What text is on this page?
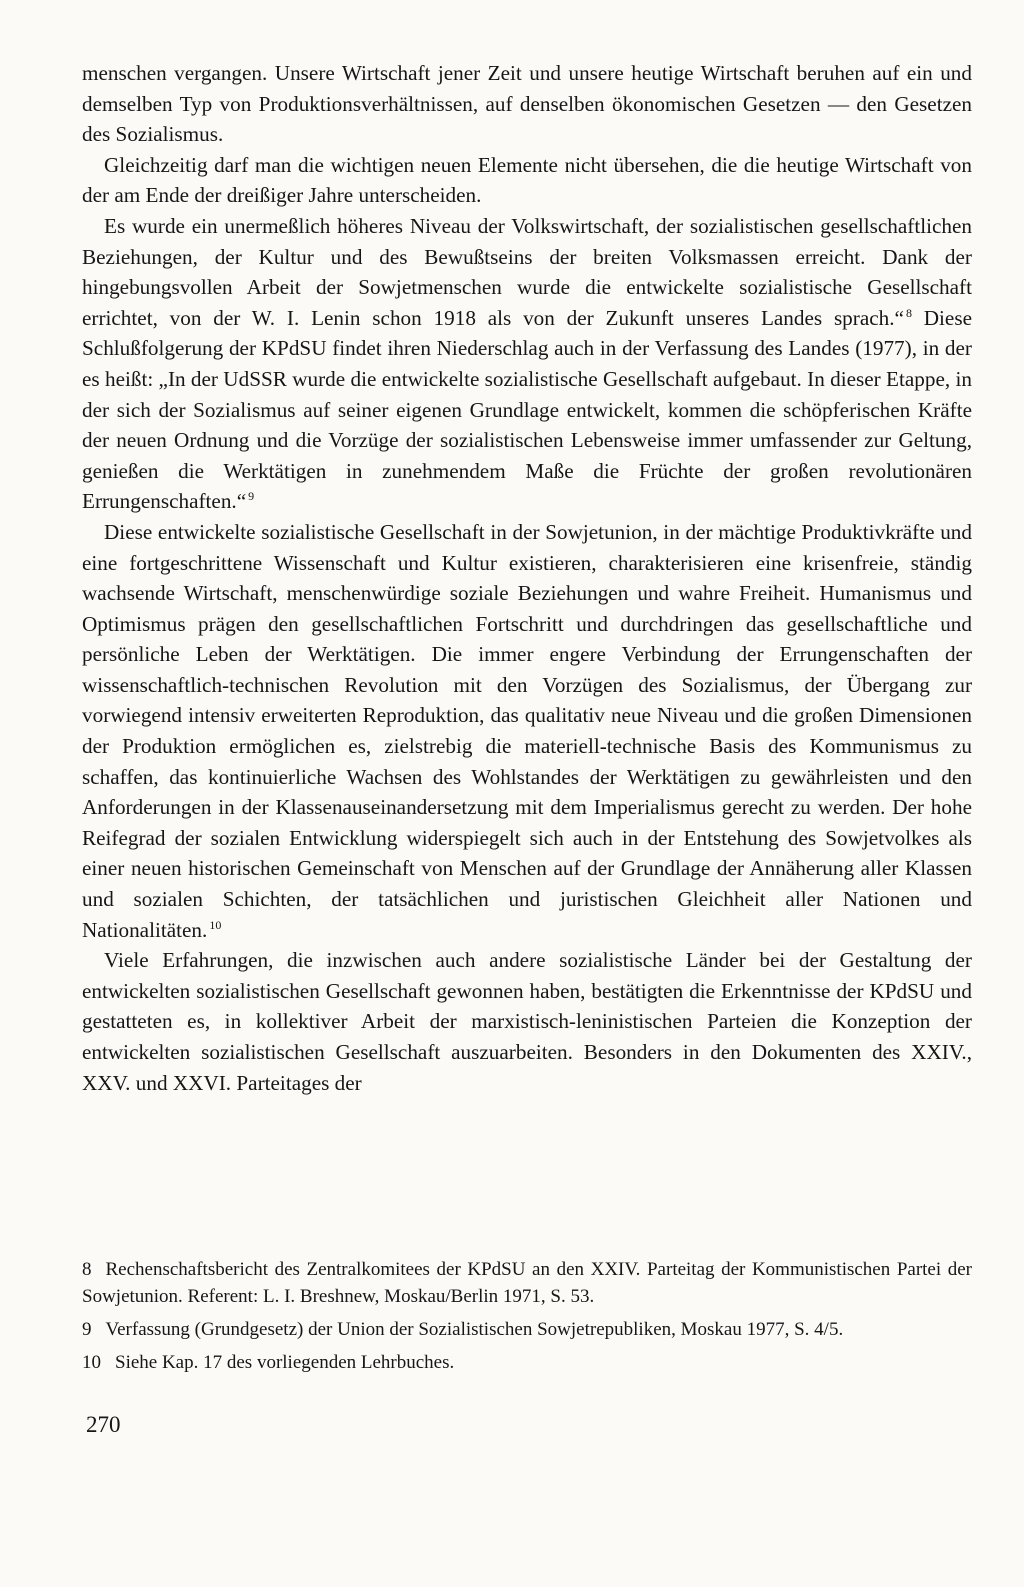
menschen vergangen. Unsere Wirtschaft jener Zeit und unsere heutige Wirtschaft beruhen auf ein und demselben Typ von Produktionsverhältnissen, auf denselben ökonomischen Gesetzen — den Gesetzen des Sozialismus.

Gleichzeitig darf man die wichtigen neuen Elemente nicht übersehen, die die heutige Wirtschaft von der am Ende der dreißiger Jahre unterscheiden.

Es wurde ein unermeßlich höheres Niveau der Volkswirtschaft, der sozialistischen gesellschaftlichen Beziehungen, der Kultur und des Bewußtseins der breiten Volksmassen erreicht. Dank der hingebungsvollen Arbeit der Sowjetmenschen wurde die entwickelte sozialistische Gesellschaft errichtet, von der W. I. Lenin schon 1918 als von der Zukunft unseres Landes sprach.“ $^8$ Diese Schlußfolgerung der KPdSU findet ihren Niederschlag auch in der Verfassung des Landes (1977), in der es heißt: „In der UdSSR wurde die entwickelte sozialistische Gesellschaft aufgebaut. In dieser Etappe, in der sich der Sozialismus auf seiner eigenen Grundlage entwickelt, kommen die schöpferischen Kräfte der neuen Ordnung und die Vorzüge der sozialistischen Lebensweise immer umfassender zur Geltung, genießen die Werktätigen in zunehmendem Maße die Früchte der großen revolutionären Errungenschaften.“ $^9$

Diese entwickelte sozialistische Gesellschaft in der Sowjetunion, in der mächtige Produktivkräfte und eine fortgeschrittene Wissenschaft und Kultur existieren, charakterisieren eine krisenfreie, ständig wachsende Wirtschaft, menschenwürdige soziale Beziehungen und wahre Freiheit. Humanismus und Optimismus prägen den gesellschaftlichen Fortschritt und durchdringen das gesellschaftliche und persönliche Leben der Werktätigen. Die immer engere Verbindung der Errungenschaften der wissenschaftlich-technischen Revolution mit den Vorzügen des Sozialismus, der Übergang zur vorwiegend intensiv erweiterten Reproduktion, das qualitativ neue Niveau und die großen Dimensionen der Produktion ermöglichen es, zielstrebig die materiell-technische Basis des Kommunismus zu schaffen, das kontinuierliche Wachsen des Wohlstandes der Werktätigen zu gewährleisten und den Anforderungen in der Klassenauseinandersetzung mit dem Imperialismus gerecht zu werden. Der hohe Reifegrad der sozialen Entwicklung widerspiegelt sich auch in der Entstehung des Sowjetvolkes als einer neuen historischen Gemeinschaft von Menschen auf der Grundlage der Annäherung aller Klassen und sozialen Schichten, der tatsächlichen und juristischen Gleichheit aller Nationen und Nationalitäten. $^{10}$

Viele Erfahrungen, die inzwischen auch andere sozialistische Länder bei der Gestaltung der entwickelten sozialistischen Gesellschaft gewonnen haben, bestätigten die Erkenntnisse der KPdSU und gestatteten es, in kollektiver Arbeit der marxistisch-leninistischen Parteien die Konzeption der entwickelten sozialistischen Gesellschaft auszuarbeiten. Besonders in den Dokumenten des XXIV., XXV. und XXVI. Parteitages der

8 Rechenschaftsbericht des Zentralkomitees der KPdSU an den XXIV. Parteitag der Kommunistischen Partei der Sowjetunion. Referent: L. I. Breshnew, Moskau/Berlin 1971, S. 53.

9 Verfassung (Grundgesetz) der Union der Sozialistischen Sowjetrepubliken, Moskau 1977, S. 4/5.

10 Siehe Kap. 17 des vorliegenden Lehrbuches.

270
